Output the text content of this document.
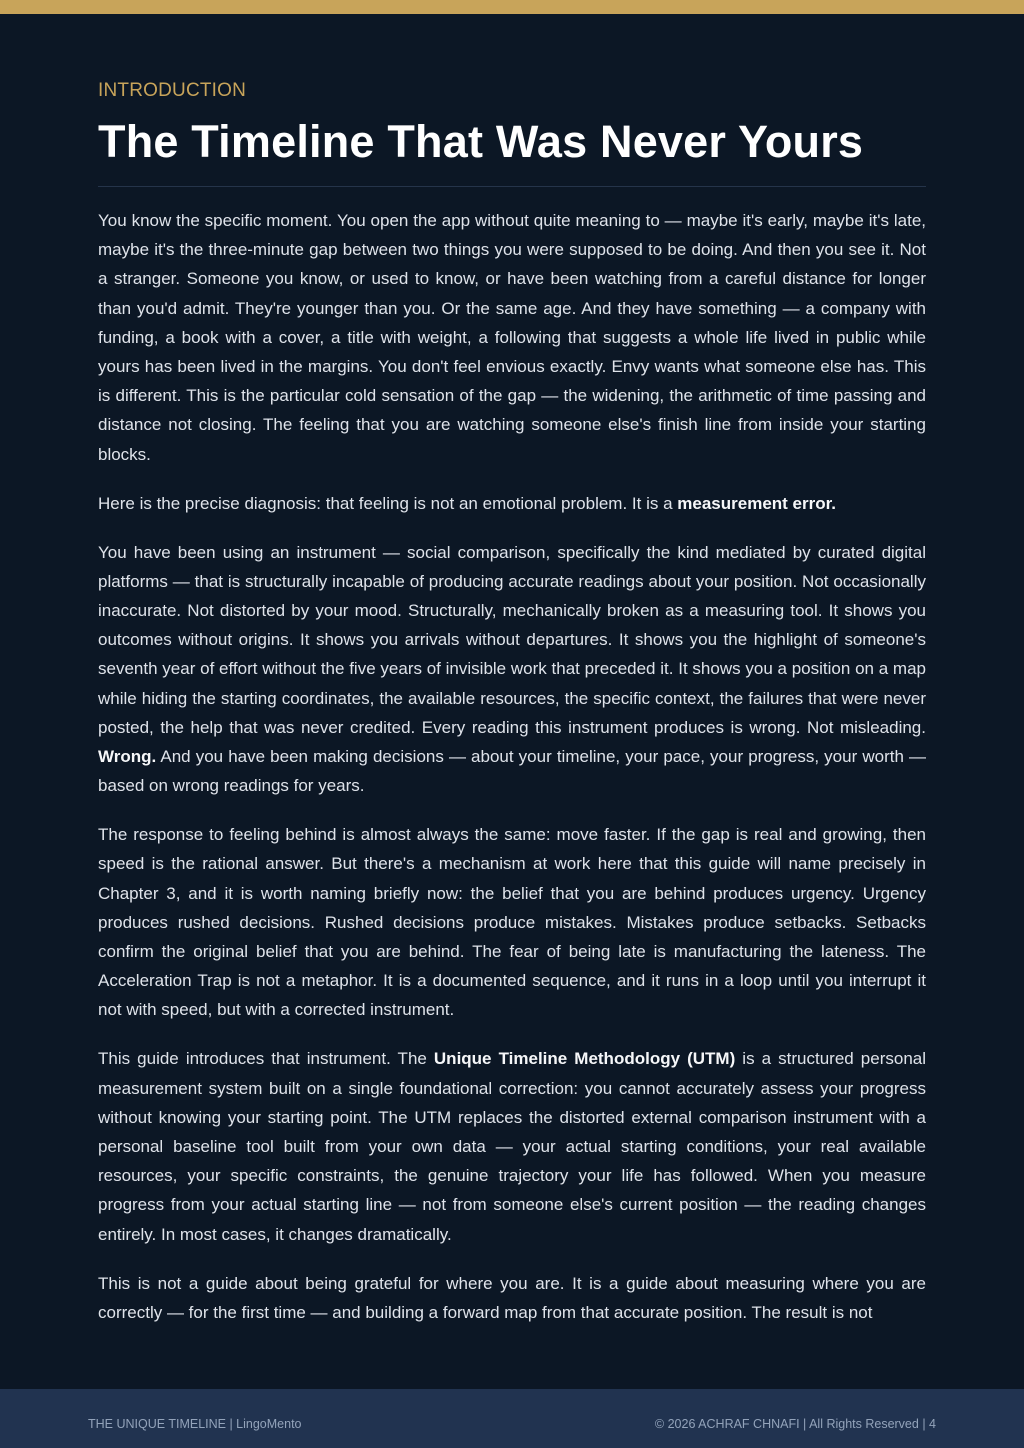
INTRODUCTION
The Timeline That Was Never Yours

You know the specific moment. You open the app without quite meaning to — maybe it's early, maybe it's late, maybe it's the three-minute gap between two things you were supposed to be doing. And then you see it. Not a stranger. Someone you know, or used to know, or have been watching from a careful distance for longer than you'd admit. They're younger than you. Or the same age. And they have something — a company with funding, a book with a cover, a title with weight, a following that suggests a whole life lived in public while yours has been lived in the margins. You don't feel envious exactly. Envy wants what someone else has. This is different. This is the particular cold sensation of the gap — the widening, the arithmetic of time passing and distance not closing. The feeling that you are watching someone else's finish line from inside your starting blocks.

Here is the precise diagnosis: that feeling is not an emotional problem. It is a measurement error.

You have been using an instrument — social comparison, specifically the kind mediated by curated digital platforms — that is structurally incapable of producing accurate readings about your position. Not occasionally inaccurate. Not distorted by your mood. Structurally, mechanically broken as a measuring tool. It shows you outcomes without origins. It shows you arrivals without departures. It shows you the highlight of someone's seventh year of effort without the five years of invisible work that preceded it. It shows you a position on a map while hiding the starting coordinates, the available resources, the specific context, the failures that were never posted, the help that was never credited. Every reading this instrument produces is wrong. Not misleading. Wrong. And you have been making decisions — about your timeline, your pace, your progress, your worth — based on wrong readings for years.

The response to feeling behind is almost always the same: move faster. If the gap is real and growing, then speed is the rational answer. But there's a mechanism at work here that this guide will name precisely in Chapter 3, and it is worth naming briefly now: the belief that you are behind produces urgency. Urgency produces rushed decisions. Rushed decisions produce mistakes. Mistakes produce setbacks. Setbacks confirm the original belief that you are behind. The fear of being late is manufacturing the lateness. The Acceleration Trap is not a metaphor. It is a documented sequence, and it runs in a loop until you interrupt it not with speed, but with a corrected instrument.

This guide introduces that instrument. The Unique Timeline Methodology (UTM) is a structured personal measurement system built on a single foundational correction: you cannot accurately assess your progress without knowing your starting point. The UTM replaces the distorted external comparison instrument with a personal baseline tool built from your own data — your actual starting conditions, your real available resources, your specific constraints, the genuine trajectory your life has followed. When you measure progress from your actual starting line — not from someone else's current position — the reading changes entirely. In most cases, it changes dramatically.

This is not a guide about being grateful for where you are. It is a guide about measuring where you are correctly — for the first time — and building a forward map from that accurate position. The result is not

THE UNIQUE TIMELINE | LingoMento	© 2026 ACHRAF CHNAFI | All Rights Reserved | 4
